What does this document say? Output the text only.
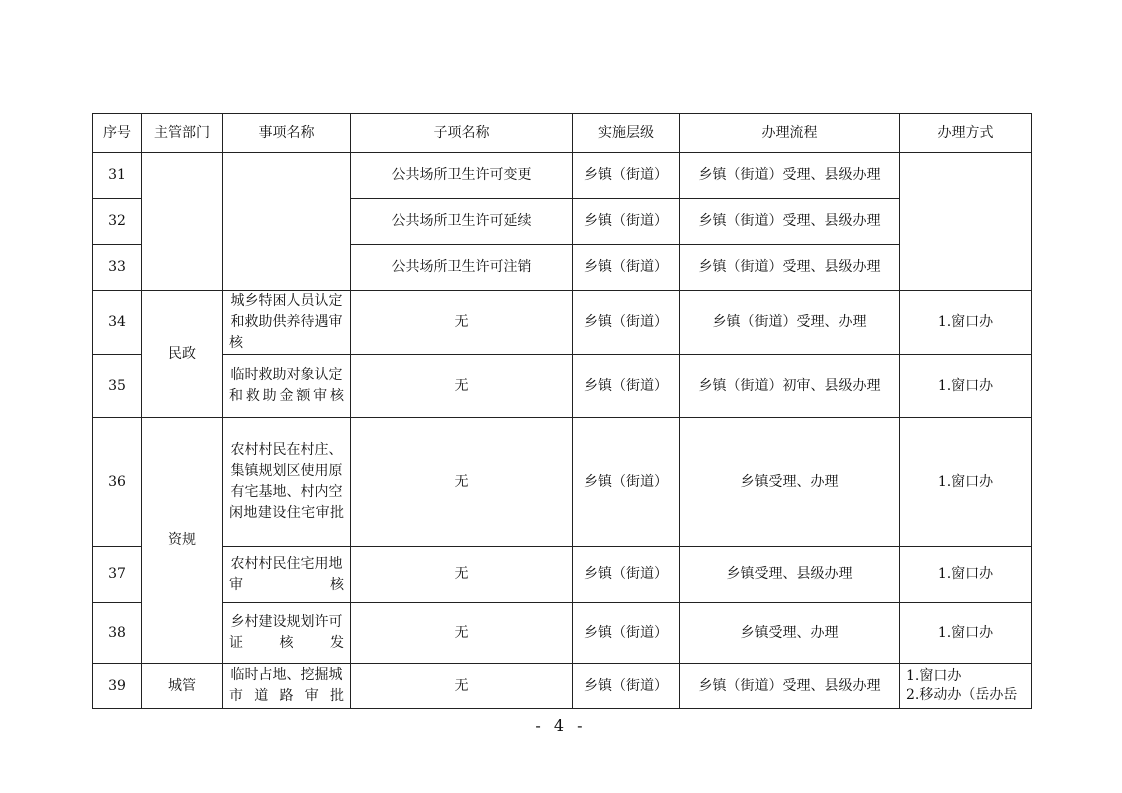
序号	主管部门	事项名称	子项名称	实施层级	办理流程	办理方式
31			公共场所卫生许可变更	乡镇（街道）	乡镇（街道）受理、县级办理	
32			公共场所卫生许可延续	乡镇（街道）	乡镇（街道）受理、县级办理	
33			公共场所卫生许可注销	乡镇（街道）	乡镇（街道）受理、县级办理	
34	民政	城乡特困人员认定和救助供养待遇审核	无	乡镇（街道）	乡镇（街道）受理、办理	1.窗口办
35		临时救助对象认定和救助金额审核	无	乡镇（街道）	乡镇（街道）初审、县级办理	1.窗口办
36	资规	农村村民在村庄、集镇规划区使用原有宅基地、村内空闲地建设住宅审批	无	乡镇（街道）	乡镇受理、办理	1.窗口办
37		农村村民住宅用地审核	无	乡镇（街道）	乡镇受理、县级办理	1.窗口办
38		乡村建设规划许可证核发	无	乡镇（街道）	乡镇受理、办理	1.窗口办
39	城管	临时占地、挖掘城市道路审批	无	乡镇（街道）	乡镇（街道）受理、县级办理	1.窗口办
2.移动办（岳办岳
- 4 -
